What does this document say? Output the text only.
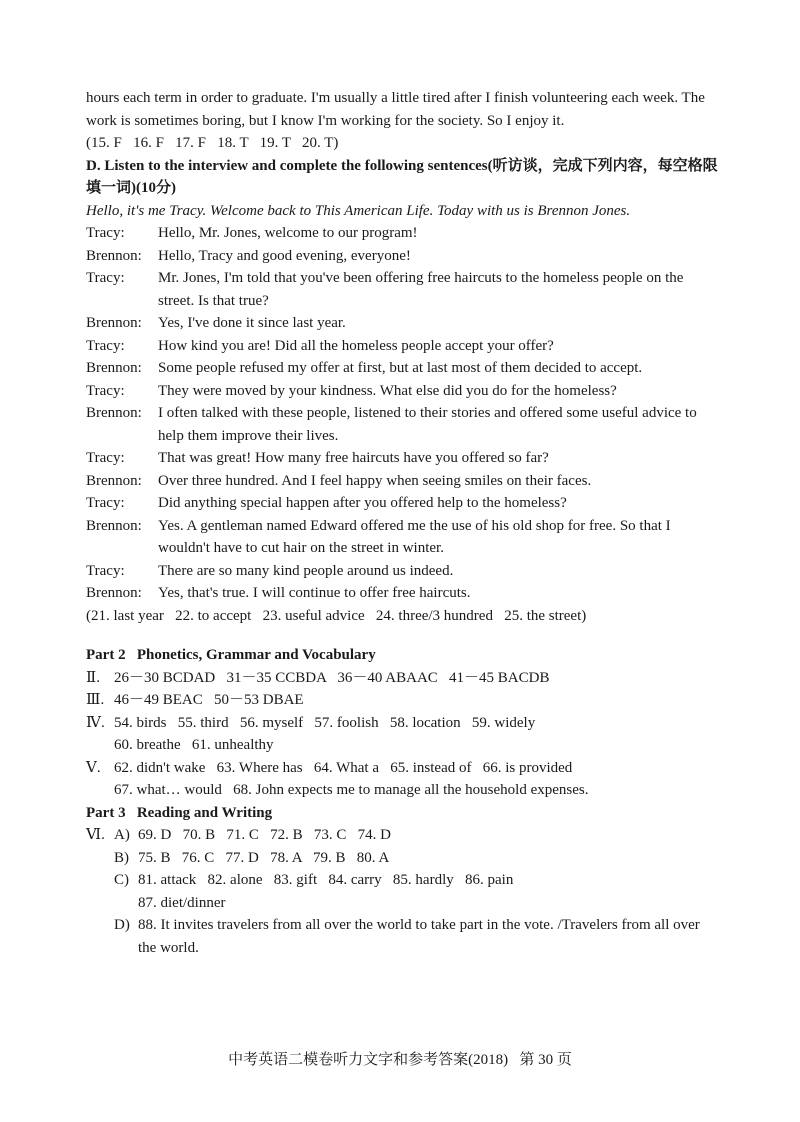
hours each term in order to graduate. I'm usually a little tired after I finish volunteering each week. The work is sometimes boring, but I know I'm working for the society. So I enjoy it.
(15. F   16. F   17. F   18. T   19. T   20. T)
D. Listen to the interview and complete the following sentences(听访谈，完成下列内容，每空格限填一词)(10分)
Hello, it's me Tracy. Welcome back to This American Life. Today with us is Brennon Jones.
Tracy:	Hello, Mr. Jones, welcome to our program!
Brennon:	Hello, Tracy and good evening, everyone!
Tracy:	Mr. Jones, I'm told that you've been offering free haircuts to the homeless people on the street. Is that true?
Brennon:	Yes, I've done it since last year.
Tracy:	How kind you are! Did all the homeless people accept your offer?
Brennon:	Some people refused my offer at first, but at last most of them decided to accept.
Tracy:	They were moved by your kindness. What else did you do for the homeless?
Brennon:	I often talked with these people, listened to their stories and offered some useful advice to help them improve their lives.
Tracy:	That was great! How many free haircuts have you offered so far?
Brennon:	Over three hundred. And I feel happy when seeing smiles on their faces.
Tracy:	Did anything special happen after you offered help to the homeless?
Brennon:	Yes. A gentleman named Edward offered me the use of his old shop for free. So that I wouldn't have to cut hair on the street in winter.
Tracy:	There are so many kind people around us indeed.
Brennon:	Yes, that's true. I will continue to offer free haircuts.
(21. last year   22. to accept   23. useful advice   24. three/3 hundred   25. the street)
Part 2   Phonetics, Grammar and Vocabulary
Ⅱ. 26－30 BCDAD   31－35 CCBDA   36－40 ABAAC   41－45 BACDB
Ⅲ. 46－49 BEAC   50－53 DBAE
Ⅳ. 54. birds   55. third   56. myself   57. foolish   58. location   59. widely
60. breathe   61. unhealthy
Ⅴ. 62. didn't wake   63. Where has   64. What a   65. instead of   66. is provided
67. what… would   68. John expects me to manage all the household expenses.
Part 3   Reading and Writing
Ⅵ. A) 69. D   70. B   71. C   72. B   73. C   74. D
B) 75. B   76. C   77. D   78. A   79. B   80. A
C) 81. attack   82. alone   83. gift   84. carry   85. hardly   86. pain
87. diet/dinner
D) 88. It invites travelers from all over the world to take part in the vote. /Travelers from all over the world.
中考英语二模卷听力文字和参考答案(2018)   第 30 页
